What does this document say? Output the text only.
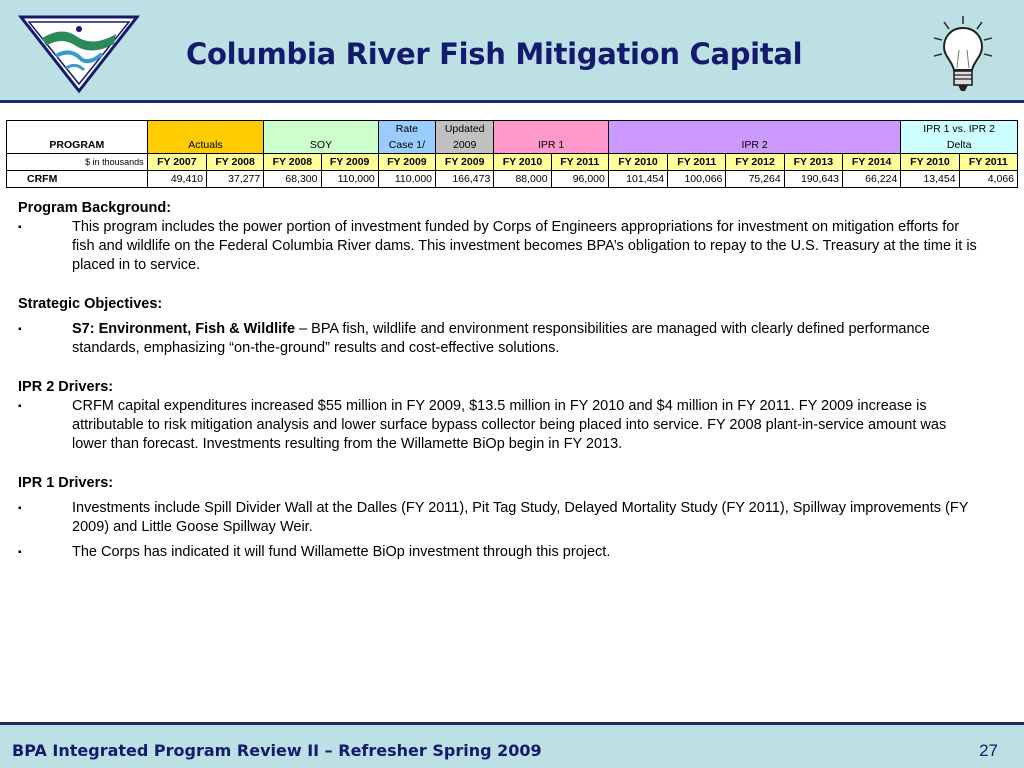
Columbia River Fish Mitigation Capital
					Rate	Updated								IPR 1 vs. IPR 2	
PROGRAM	Actuals		SOY		Case 1/	2009	IPR 1		IPR 2					Delta	
$ in thousands	FY 2007	FY 2008	FY 2008	FY 2009	FY 2009	FY 2009	FY 2010	FY 2011	FY 2010	FY 2011	FY 2012	FY 2013	FY 2014	FY 2010	FY 2011
CRFM	49,410	37,277	68,300	110,000	110,000	166,473	88,000	96,000	101,454	100,066	75,264	190,643	66,224	13,454	4,066

Program Background:

▪	This program includes the power portion of investment funded by Corps of Engineers appropriations for investment on mitigation efforts for fish and wildlife on the Federal Columbia River dams. This investment becomes BPA’s obligation to repay to the U.S. Treasury at the time it is placed in to service.

Strategic Objectives:

▪	S7: Environment, Fish & Wildlife – BPA fish, wildlife and environment responsibilities are managed with clearly defined performance standards, emphasizing “on-the-ground” results and cost-effective solutions.

IPR 2 Drivers:

▪	CRFM capital expenditures increased $55 million in FY 2009, $13.5 million in FY 2010 and $4 million in FY 2011. FY 2009 increase is attributable to risk mitigation analysis and lower surface bypass collector being placed into service. FY 2008 plant-in-service amount was lower than forecast. Investments resulting from the Willamette BiOp begin in FY 2013.

IPR 1 Drivers:

▪	Investments include Spill Divider Wall at the Dalles (FY 2011), Pit Tag Study, Delayed Mortality Study (FY 2011), Spillway improvements (FY 2009) and Little Goose Spillway Weir.
▪	The Corps has indicated it will fund Willamette BiOp investment through this project.
BPA Integrated Program Review II – Refresher Spring 2009	27
